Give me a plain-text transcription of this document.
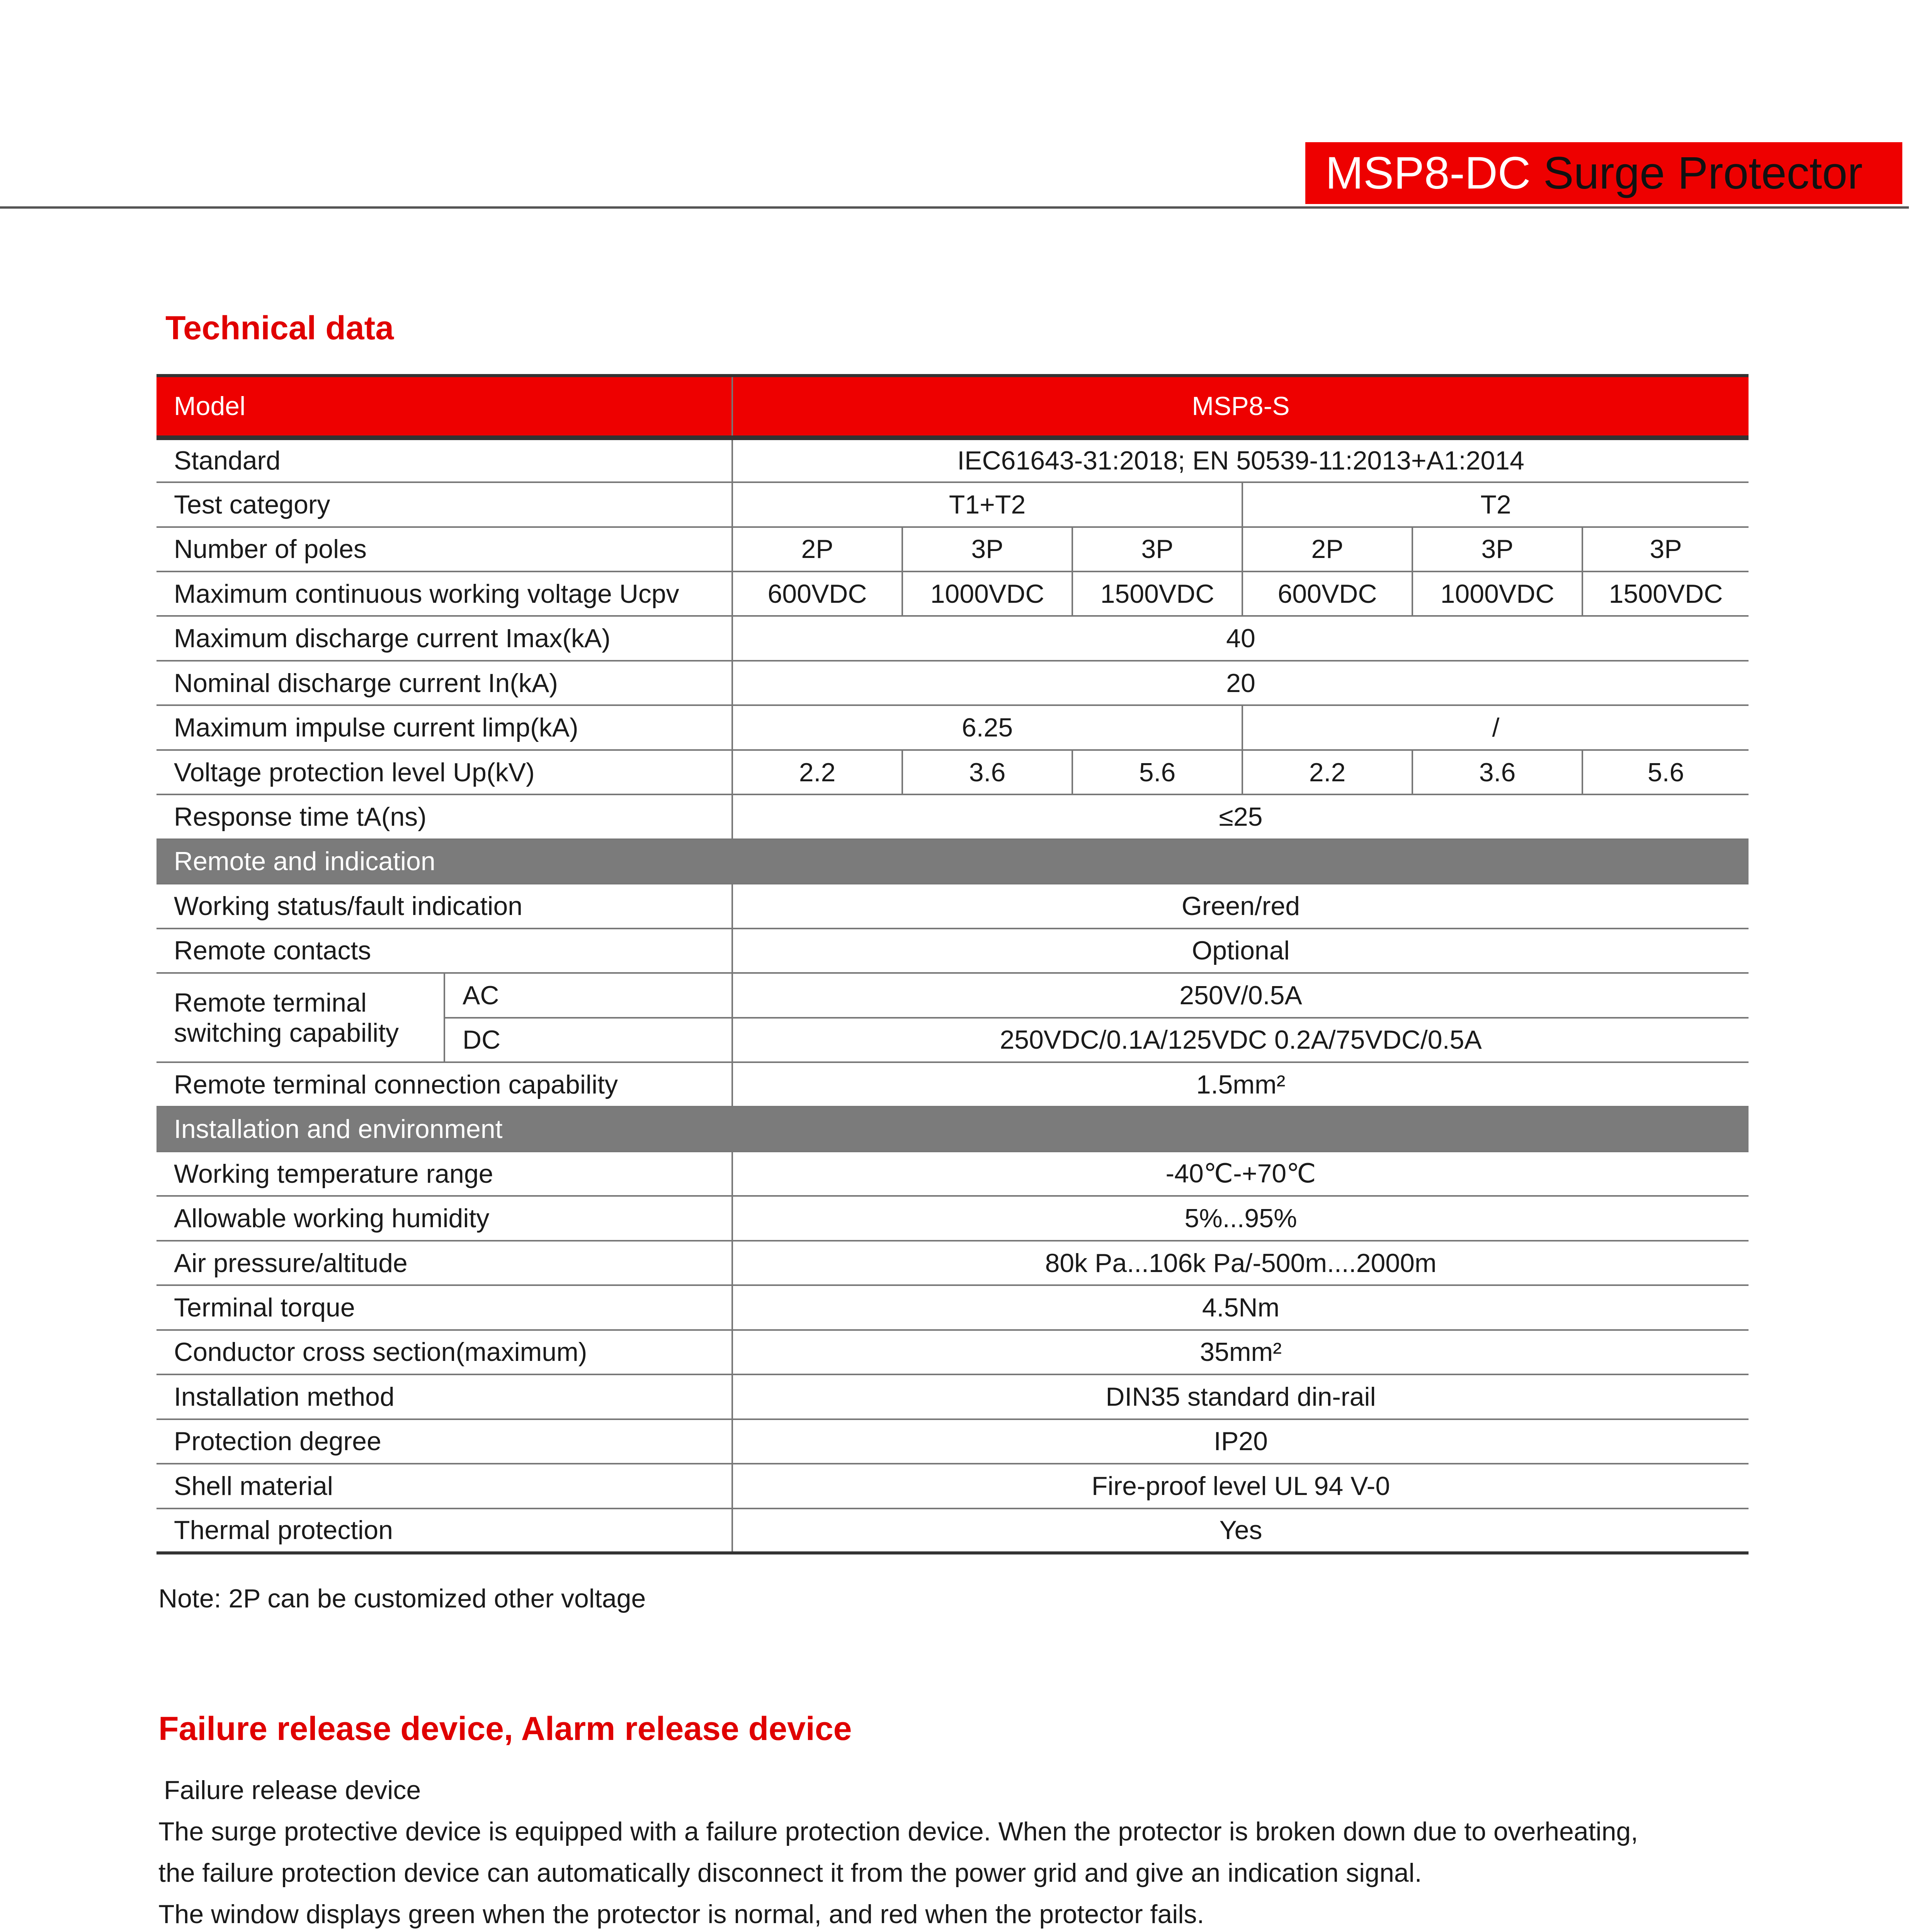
MSP8-DC Surge Protector
Technical data
Model		MSP8-S					
Standard		IEC61643-31:2018; EN 50539-11:2013+A1:2014					
Test category		T1+T2			T2		
Number of poles		2P	3P	3P	2P	3P	3P
Maximum continuous working voltage Ucpv		600VDC	1000VDC	1500VDC	600VDC	1000VDC	1500VDC
Maximum discharge current Imax(kA)		40					
Nominal discharge current In(kA)		20					
Maximum impulse current limp(kA)		6.25			/		
Voltage protection level Up(kV)		2.2	3.6	5.6	2.2	3.6	5.6
Response time tA(ns)		≤25					
Remote and indication							
Working status/fault indication		Green/red					
Remote contacts		Optional					
Remote terminal switching capability	AC	250V/0.5A					
	DC	250VDC/0.1A/125VDC 0.2A/75VDC/0.5A					
Remote terminal connection capability		1.5mm²					
Installation and environment							
Working temperature range		-40℃-+70℃					
Allowable working humidity		5%...95%					
Air pressure/altitude		80k Pa...106k Pa/-500m....2000m					
Terminal torque		4.5Nm					
Conductor cross section(maximum)		35mm²					
Installation method		DIN35 standard din-rail					
Protection degree		IP20					
Shell material		Fire-proof level UL 94 V-0					
Thermal protection		Yes					
Note: 2P can be customized other voltage
Failure release device, Alarm release device

Failure release device

The surge protective device is equipped with a failure protection device. When the protector is broken down due to overheating,

the failure protection device can automatically disconnect it from the power grid and give an indication signal.

The window displays green when the protector is normal, and red when the protector fails.
